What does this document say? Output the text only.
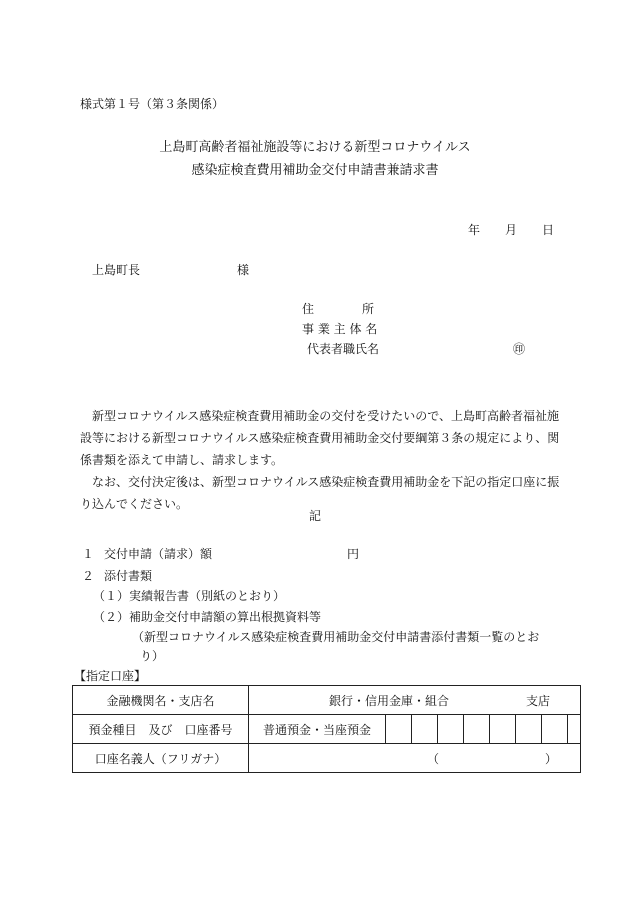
様式第１号（第３条関係）
上島町高齢者福祉施設等における新型コロナウイルス
感染症検査費用補助金交付申請書兼請求書
年 月 日
上島町長	様
住　　　　所
事 業 主 体 名
代表者職氏名	㊞

新型コロナウイルス感染症検査費用補助金の交付を受けたいので、上島町高齢者福祉施設等における新型コロナウイルス感染症検査費用補助金交付要綱第３条の規定により、関係書類を添えて申請し、請求します。

なお、交付決定後は、新型コロナウイルス感染症検査費用補助金を下記の指定口座に振り込んでください。

記
１ 交付申請（請求）額	円
２ 添付書類
（１）実績報告書（別紙のとおり）
（２）補助金交付申請額の算出根拠資料等
（新型コロナウイルス感染症検査費用補助金交付申請書添付書類一覧のとお
り）
【指定口座】
金融機関名・支店名	銀行・信用金庫・組合 支店								

預金種目　及び　口座番号	普通預金・当座預金								
口座名義人（フリガナ）	（ ）								
